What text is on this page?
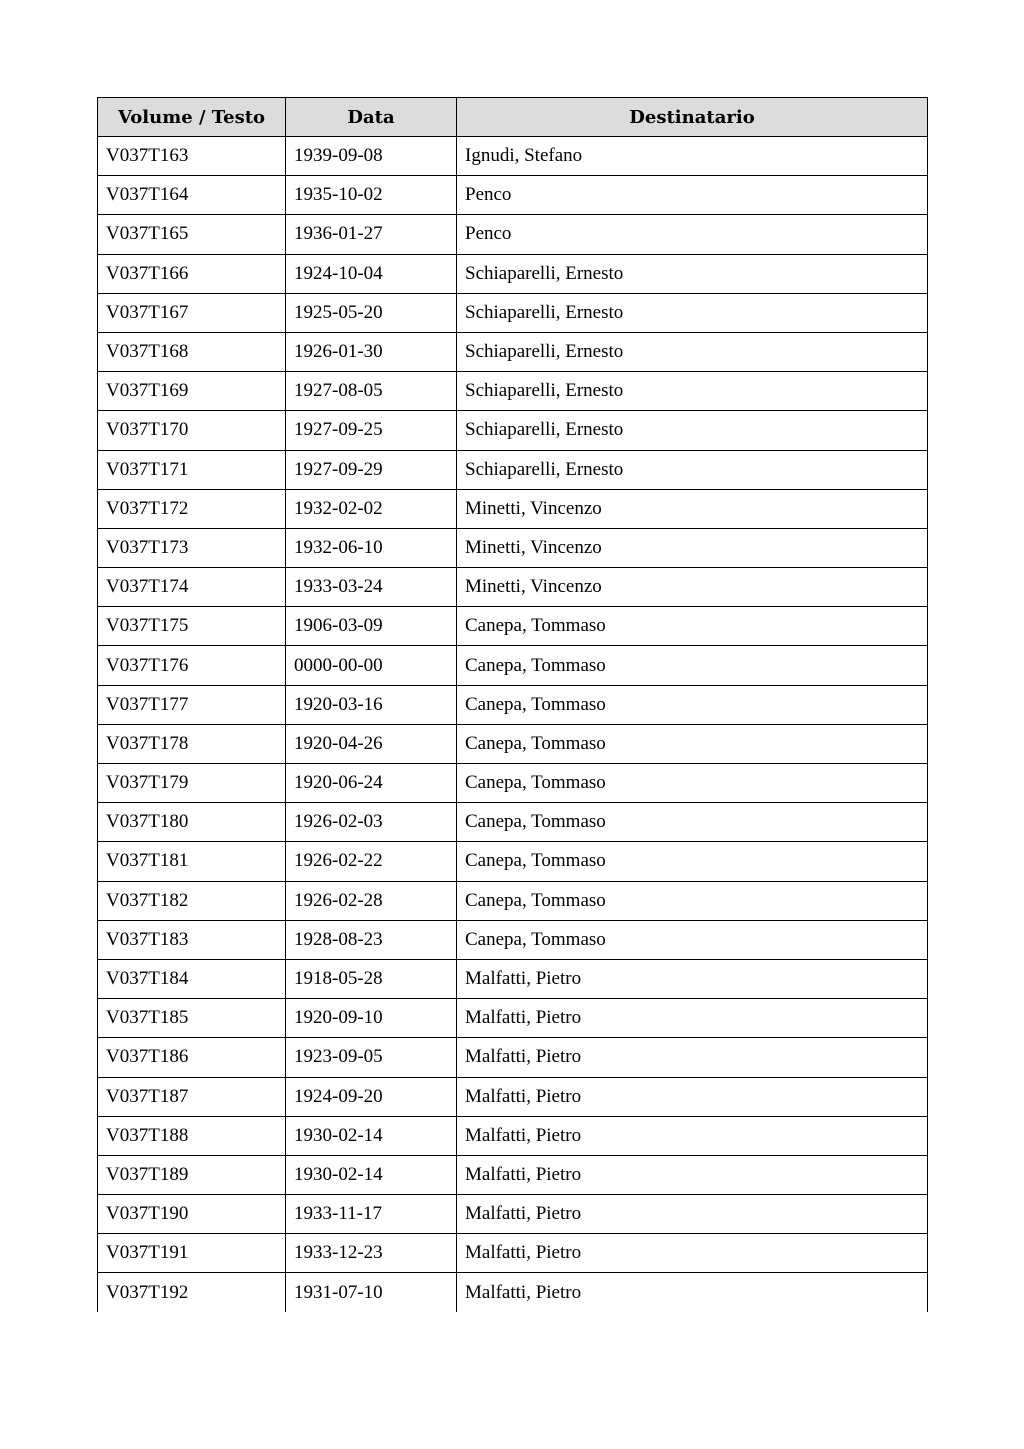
Volume / Testo	Data	Destinatario
V037T163	1939-09-08	Ignudi, Stefano
V037T164	1935-10-02	Penco
V037T165	1936-01-27	Penco
V037T166	1924-10-04	Schiaparelli, Ernesto
V037T167	1925-05-20	Schiaparelli, Ernesto
V037T168	1926-01-30	Schiaparelli, Ernesto
V037T169	1927-08-05	Schiaparelli, Ernesto
V037T170	1927-09-25	Schiaparelli, Ernesto
V037T171	1927-09-29	Schiaparelli, Ernesto
V037T172	1932-02-02	Minetti, Vincenzo
V037T173	1932-06-10	Minetti, Vincenzo
V037T174	1933-03-24	Minetti, Vincenzo
V037T175	1906-03-09	Canepa, Tommaso
V037T176	0000-00-00	Canepa, Tommaso
V037T177	1920-03-16	Canepa, Tommaso
V037T178	1920-04-26	Canepa, Tommaso
V037T179	1920-06-24	Canepa, Tommaso
V037T180	1926-02-03	Canepa, Tommaso
V037T181	1926-02-22	Canepa, Tommaso
V037T182	1926-02-28	Canepa, Tommaso
V037T183	1928-08-23	Canepa, Tommaso
V037T184	1918-05-28	Malfatti, Pietro
V037T185	1920-09-10	Malfatti, Pietro
V037T186	1923-09-05	Malfatti, Pietro
V037T187	1924-09-20	Malfatti, Pietro
V037T188	1930-02-14	Malfatti, Pietro
V037T189	1930-02-14	Malfatti, Pietro
V037T190	1933-11-17	Malfatti, Pietro
V037T191	1933-12-23	Malfatti, Pietro
V037T192	1931-07-10	Malfatti, Pietro
